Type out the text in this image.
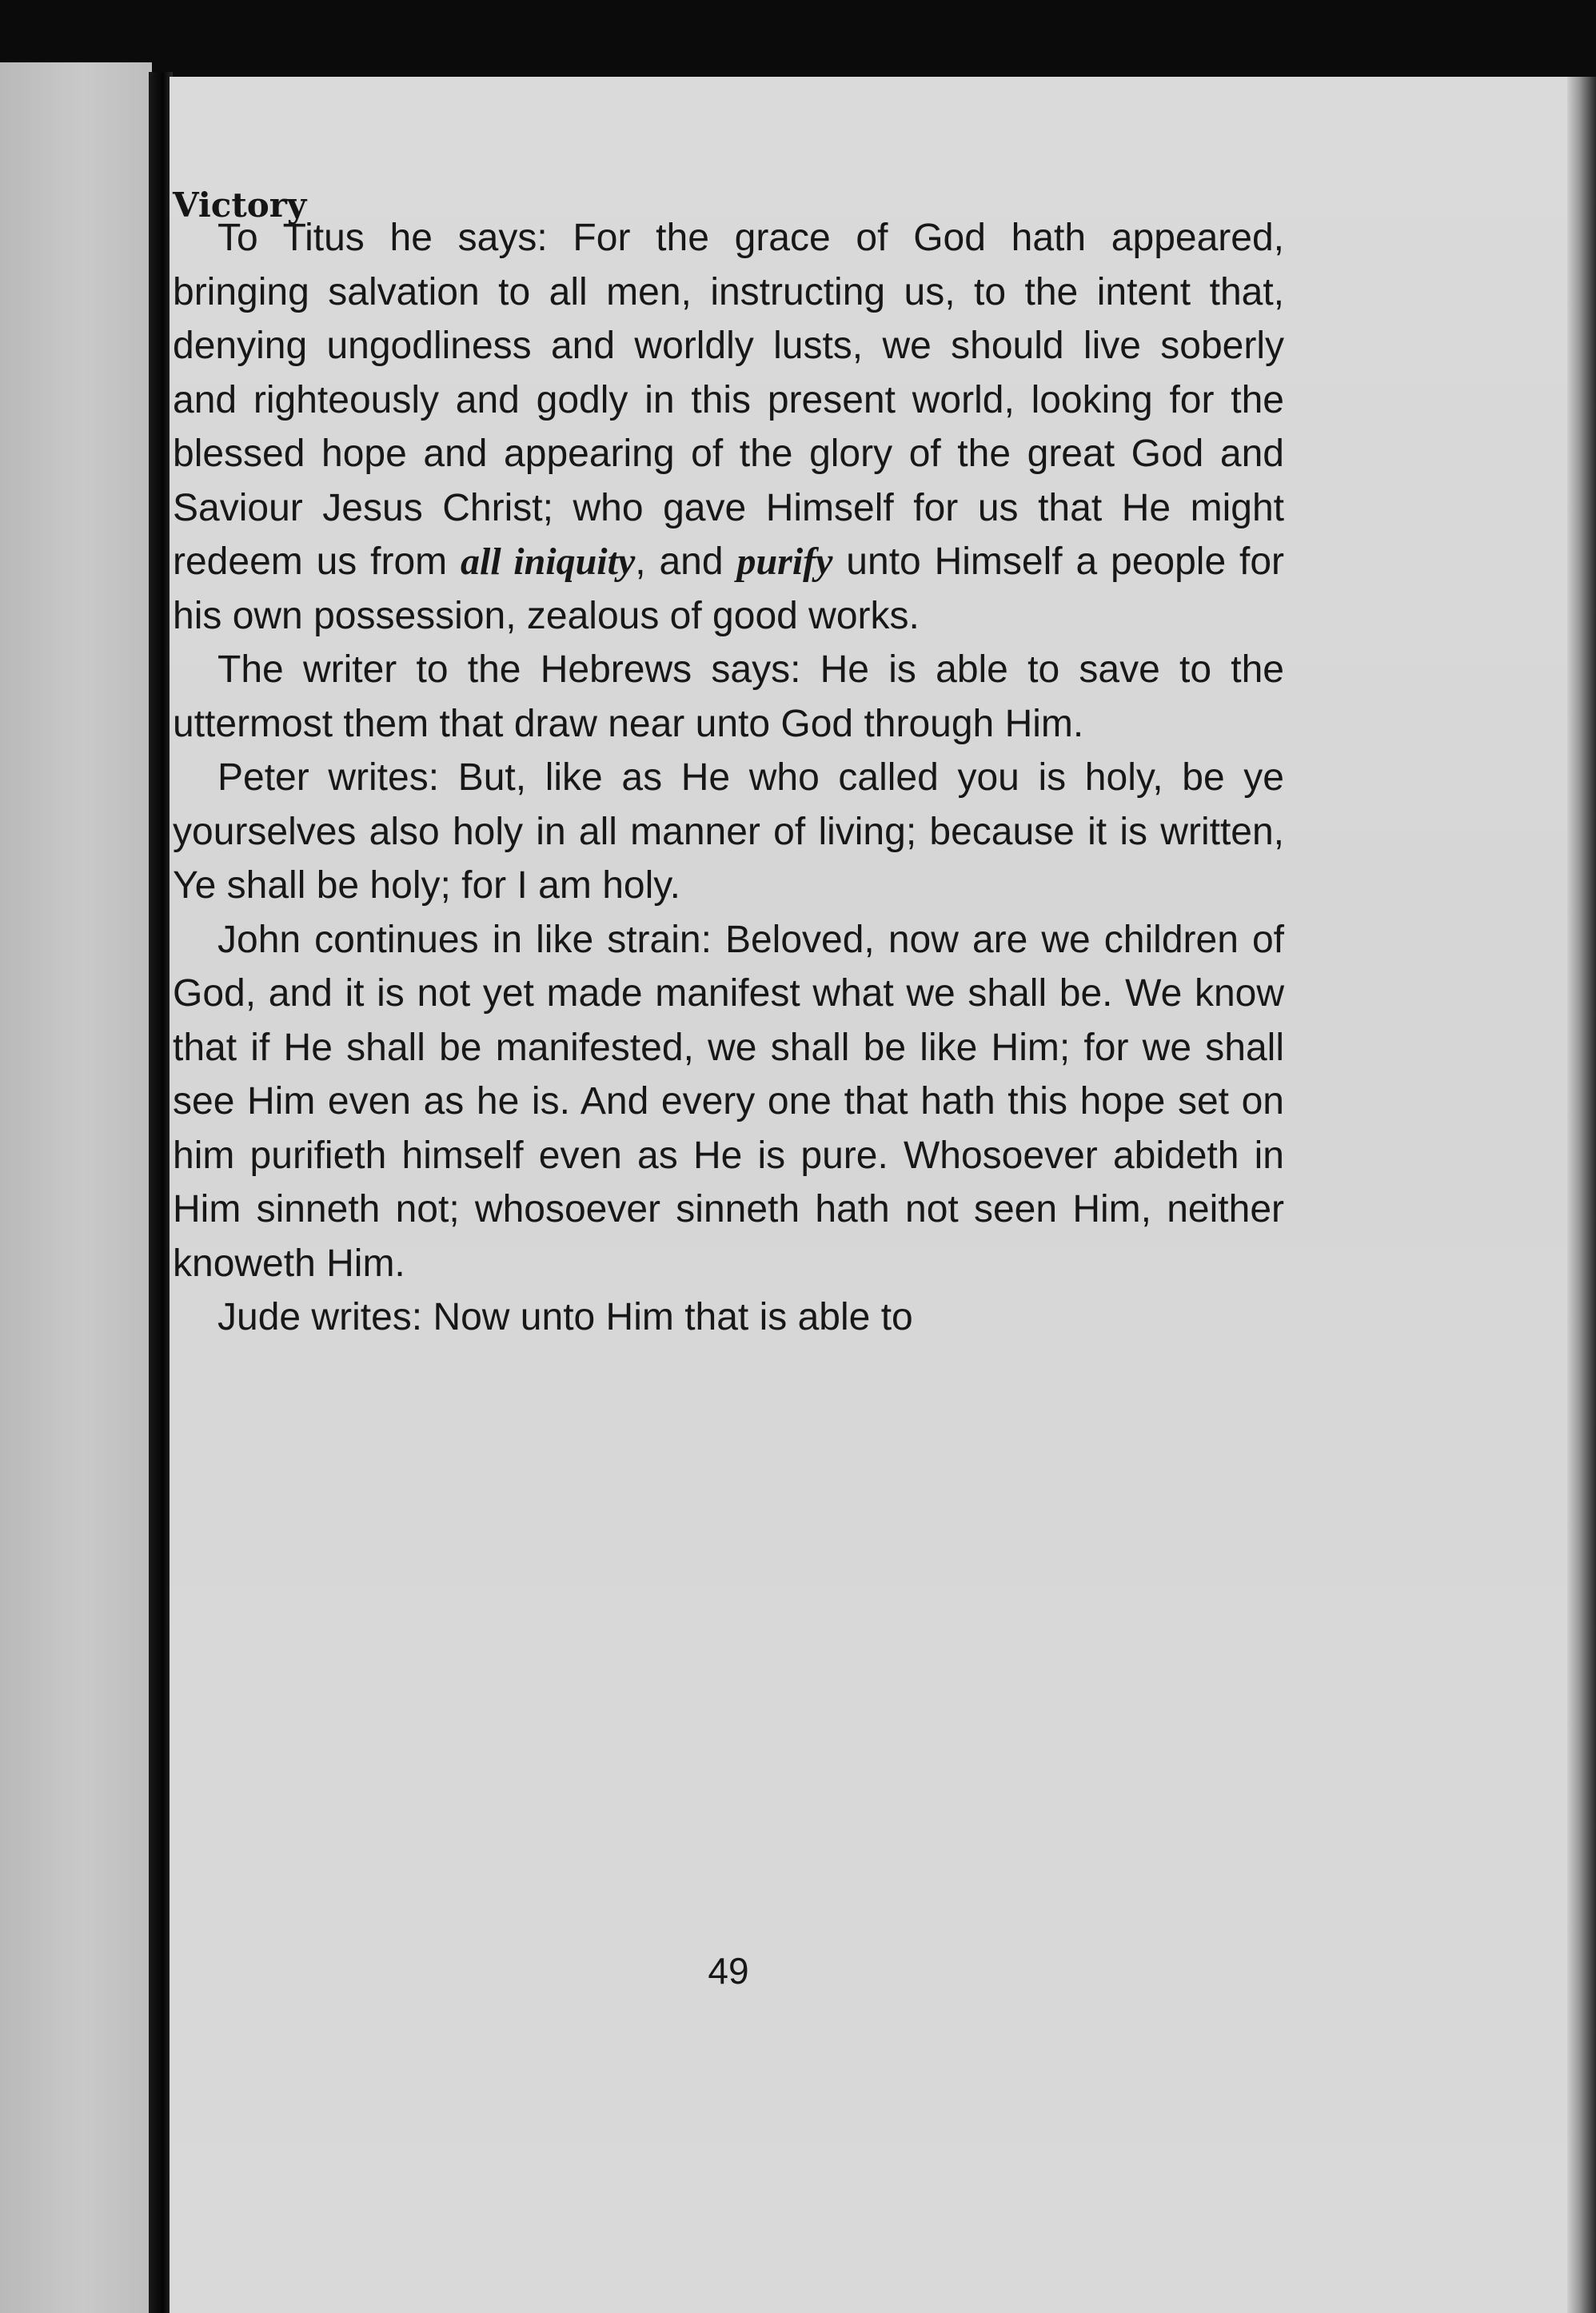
Victory

To Titus he says: For the grace of God hath appeared, bringing salvation to all men, instructing us, to the intent that, denying ungodliness and worldly lusts, we should live soberly and righteously and godly in this present world, looking for the blessed hope and appearing of the glory of the great God and Saviour Jesus Christ; who gave Himself for us that He might redeem us from all iniquity, and purify unto Himself a people for his own possession, zealous of good works.

The writer to the Hebrews says: He is able to save to the uttermost them that draw near unto God through Him.

Peter writes: But, like as He who called you is holy, be ye yourselves also holy in all manner of living; because it is written, Ye shall be holy; for I am holy.

John continues in like strain: Beloved, now are we children of God, and it is not yet made manifest what we shall be. We know that if He shall be manifested, we shall be like Him; for we shall see Him even as he is. And every one that hath this hope set on him purifieth himself even as He is pure. Whosoever abideth in Him sinneth not; whosoever sinneth hath not seen Him, neither knoweth Him.

Jude writes: Now unto Him that is able to

49
